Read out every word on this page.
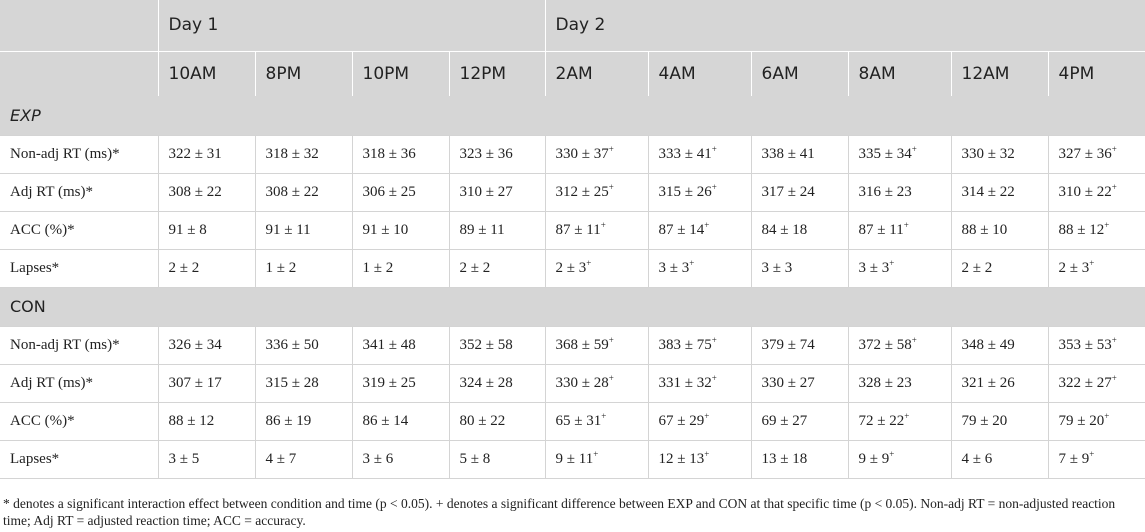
	Day 1				Day 2					
	10AM	8PM	10PM	12PM	2AM	4AM	6AM	8AM	12AM	4PM
EXP										
Non-adj RT (ms)*	322 ± 31	318 ± 32	318 ± 36	323 ± 36	330 ± 37+	333 ± 41+	338 ± 41	335 ± 34+	330 ± 32	327 ± 36+
Adj RT (ms)*	308 ± 22	308 ± 22	306 ± 25	310 ± 27	312 ± 25+	315 ± 26+	317 ± 24	316 ± 23	314 ± 22	310 ± 22+
ACC (%)*	91 ± 8	91 ± 11	91 ± 10	89 ± 11	87 ± 11+	87 ± 14+	84 ± 18	87 ± 11+	88 ± 10	88 ± 12+
Lapses*	2 ± 2	1 ± 2	1 ± 2	2 ± 2	2 ± 3+	3 ± 3+	3 ± 3	3 ± 3+	2 ± 2	2 ± 3+
CON										
Non-adj RT (ms)*	326 ± 34	336 ± 50	341 ± 48	352 ± 58	368 ± 59+	383 ± 75+	379 ± 74	372 ± 58+	348 ± 49	353 ± 53+
Adj RT (ms)*	307 ± 17	315 ± 28	319 ± 25	324 ± 28	330 ± 28+	331 ± 32+	330 ± 27	328 ± 23	321 ± 26	322 ± 27+
ACC (%)*	88 ± 12	86 ± 19	86 ± 14	80 ± 22	65 ± 31+	67 ± 29+	69 ± 27	72 ± 22+	79 ± 20	79 ± 20+
Lapses*	3 ± 5	4 ± 7	3 ± 6	5 ± 8	9 ± 11+	12 ± 13+	13 ± 18	9 ± 9+	4 ± 6	7 ± 9+
* denotes a significant interaction effect between condition and time (p < 0.05). + denotes a significant difference between EXP and CON at that specific time (p < 0.05). Non-adj RT = non-adjusted reaction time; Adj RT = adjusted reaction time; ACC = accuracy.
